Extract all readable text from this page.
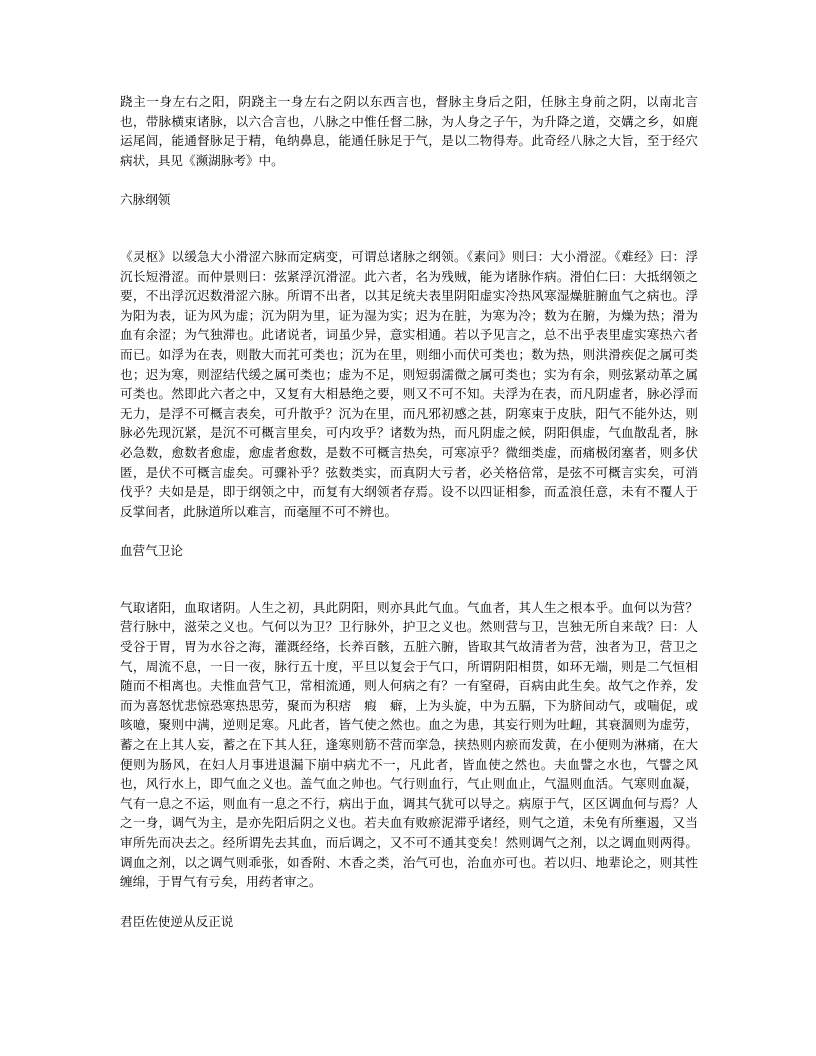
跷主一身左右之阳，阴跷主一身左右之阴以东西言也，督脉主身后之阳，任脉主身前之阴，以南北言也，带脉横束诸脉，以六合言也，八脉之中惟任督二脉，为人身之子午，为升降之道，交媾之乡，如鹿运尾闾，能通督脉足于精，龟纳鼻息，能通任脉足于气，是以二物得寿。此奇经八脉之大旨，至于经穴病状，具见《濒湖脉考》中。

六脉纲领

《灵枢》以缓急大小滑涩六脉而定病变，可谓总诸脉之纲领。《素问》则曰：大小滑涩。《难经》曰：浮沉长短滑涩。而仲景则曰：弦紧浮沉滑涩。此六者，名为残贼，能为诸脉作病。滑伯仁曰：大抵纲领之要，不出浮沉迟数滑涩六脉。所谓不出者，以其足统夫表里阴阳虚实冷热风寒湿燥脏腑血气之病也。浮为阳为表，证为风为虚；沉为阴为里，证为湿为实；迟为在脏，为寒为冷；数为在腑，为燥为热；滑为血有余涩；为气独滞也。此诸说者，词虽少异，意实相通。若以予见言之，总不出乎表里虚实寒热六者而已。如浮为在表，则散大而芤可类也；沉为在里，则细小而伏可类也；数为热，则洪滑疾促之属可类也；迟为寒，则涩结代缓之属可类也；虚为不足，则短弱濡微之属可类也；实为有余，则弦紧动革之属可类也。然即此六者之中，又复有大相悬绝之要，则又不可不知。夫浮为在表，而凡阴虚者，脉必浮而无力，是浮不可概言表矣，可升散乎？沉为在里，而凡邪初感之甚，阴寒束于皮肤，阳气不能外达，则脉必先现沉紧，是沉不可概言里矣，可内攻乎？诸数为热，而凡阴虚之候，阴阳俱虚，气血散乱者，脉必急数，愈数者愈虚，愈虚者愈数，是数不可概言热矣，可寒凉乎？微细类虚，而痛极闭塞者，则多伏匿，是伏不可概言虚矣。可骤补乎？弦数类实，而真阴大亏者，必关格倍常，是弦不可概言实矣，可消伐乎？夫如是是，即于纲领之中，而复有大纲领者存焉。设不以四证相参，而孟浪任意，未有不覆人于反掌间者，此脉道所以难言，而毫厘不可不辨也。

血营气卫论

气取诸阳，血取诸阴。人生之初，具此阴阳，则亦具此气血。气血者，其人生之根本乎。血何以为营？营行脉中，滋荣之义也。气何以为卫？卫行脉外，护卫之义也。然则营与卫，岂独无所自来哉？曰：人受谷于胃，胃为水谷之海，灌溉经络，长养百骸，五脏六腑，皆取其气故清者为营，浊者为卫，营卫之气，周流不息，一日一夜，脉行五十度，平旦以复会于气口，所谓阴阳相贯，如环无端，则是二气恒相随而不相离也。夫惟血营气卫，常相流通，则人何病之有？一有窒碍，百病由此生矣。故气之作养，发而为喜怒忧悲惊恐寒热思劳，聚而为积痞　瘕　癖，上为头旋，中为五膈，下为脐间动气，或喘促，或咳噫，聚则中满，逆则足寒。凡此者，皆气使之然也。血之为患，其妄行则为吐衄，其衰涸则为虚劳，蓄之在上其人妄，蓄之在下其人狂，逢寒则筋不营而挛急，挟热则内瘀而发黄，在小便则为淋痛，在大便则为肠风，在妇人月事进退漏下崩中病尤不一，凡此者，皆血使之然也。夫血譬之水也，气譬之风也，风行水上，即气血之义也。盖气血之帅也。气行则血行，气止则血止，气温则血活。气寒则血凝，气有一息之不运，则血有一息之不行，病出于血，调其气犹可以导之。病原于气，区区调血何与焉？人之一身，调气为主，是亦先阳后阴之义也。若夫血有败瘀泥滞乎诸经，则气之道，未免有所壅遏，又当审所先而决去之。经所谓先去其血，而后调之，又不可不通其变矣！然则调气之剂，以之调血则两得。调血之剂，以之调气则乖张，如香附、木香之类，治气可也，治血亦可也。若以归、地辈论之，则其性缠绵，于胃气有亏矣，用药者审之。

君臣佐使逆从反正说
